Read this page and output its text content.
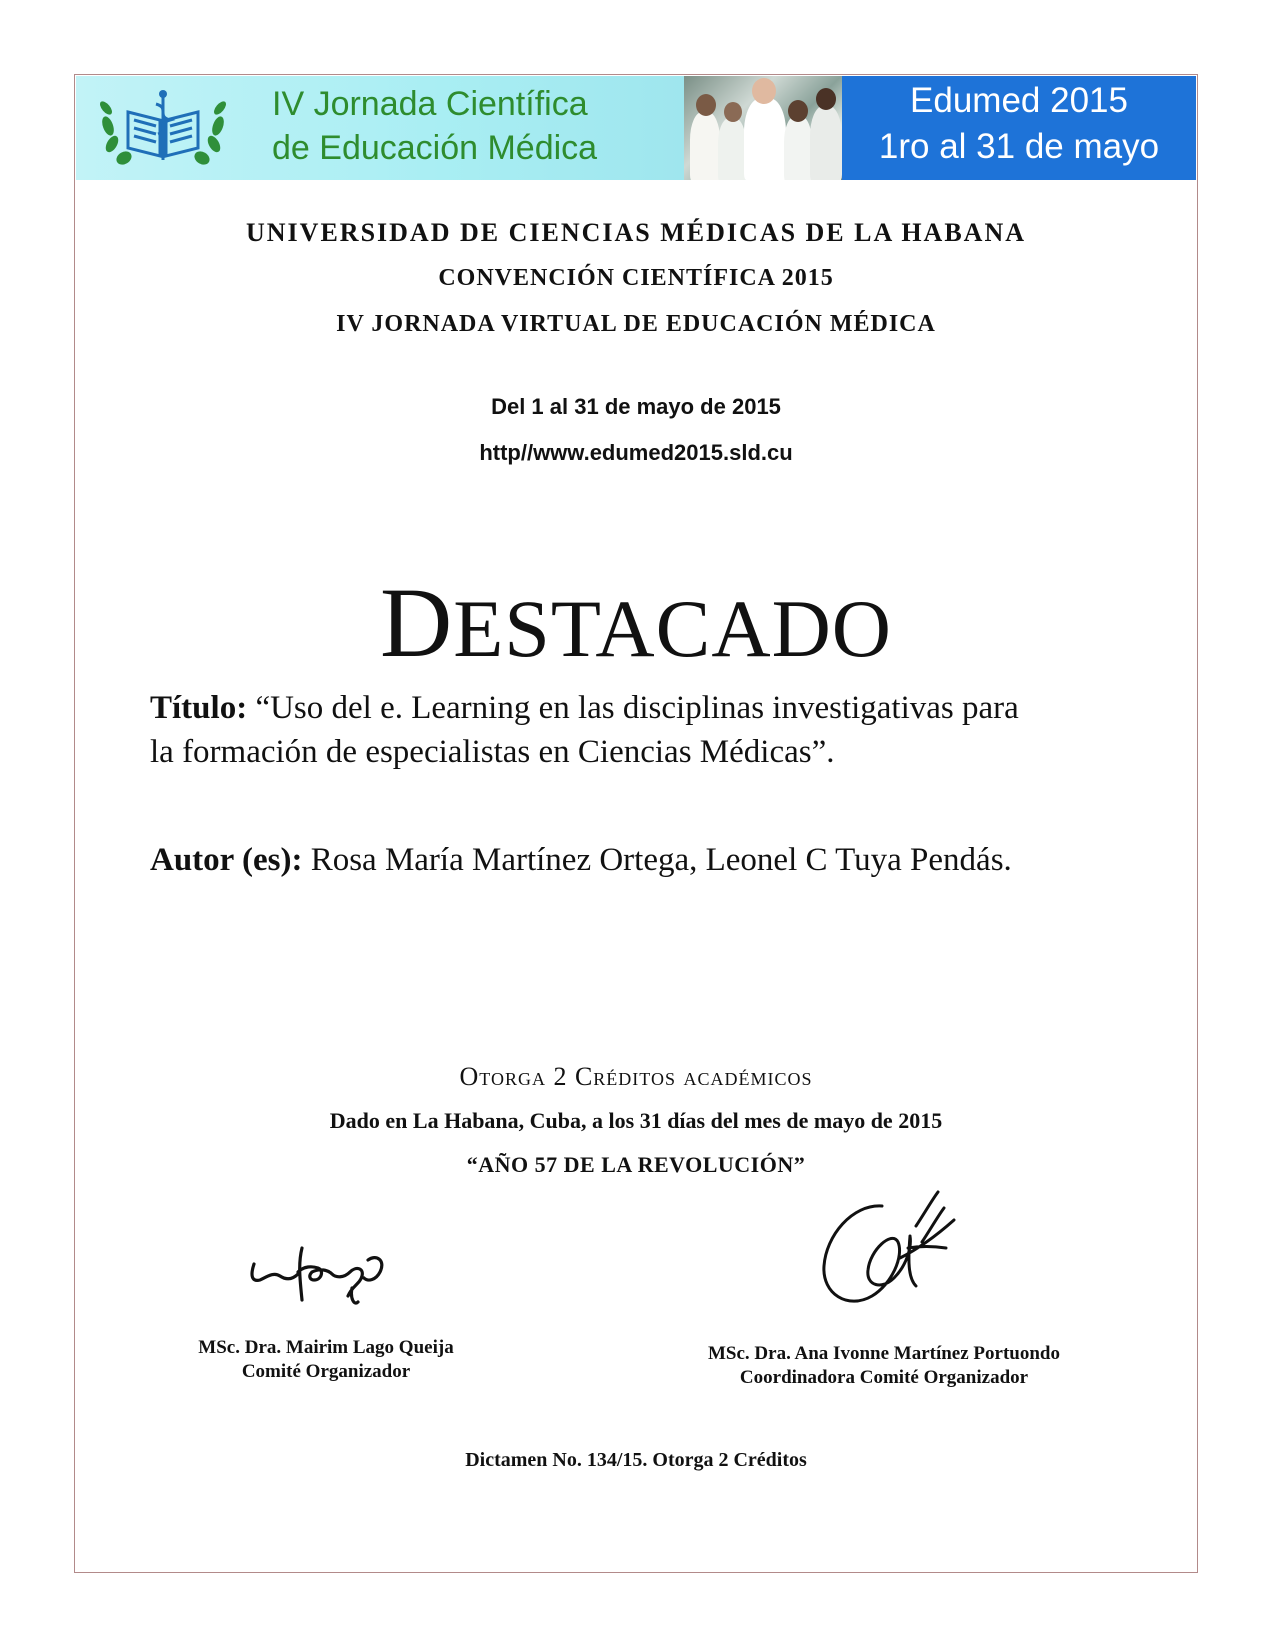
IV Jornada Científica
de Educación Médica
Edumed 2015
1ro al 31 de mayo
UNIVERSIDAD DE CIENCIAS MÉDICAS DE LA HABANA
CONVENCIÓN CIENTÍFICA 2015
IV JORNADA VIRTUAL DE EDUCACIÓN MÉDICA
Del 1 al 31 de mayo de 2015
http//www.edumed2015.sld.cu
DESTACADO
Título: “Uso del e. Learning en las disciplinas investigativas para
la formación de especialistas en Ciencias Médicas”.
Autor (es): Rosa María Martínez Ortega, Leonel C Tuya Pendás.
Otorga 2 Créditos académicos
Dado en La Habana, Cuba, a los 31 días del mes de mayo de 2015
“AÑO 57 DE LA REVOLUCIÓN”
MSc. Dra. Mairim Lago Queija
Comité Organizador
MSc. Dra. Ana Ivonne Martínez Portuondo
Coordinadora Comité Organizador
Dictamen No. 134/15. Otorga 2 Créditos
